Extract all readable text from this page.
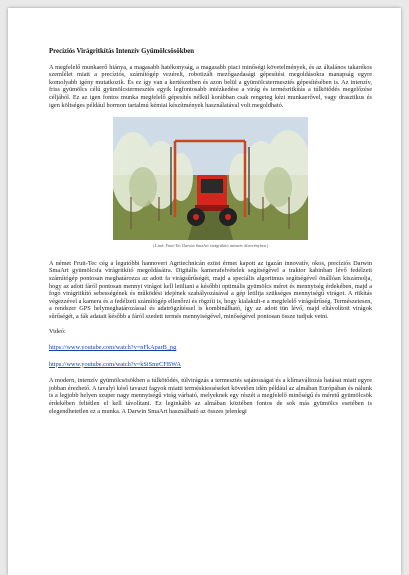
Precíziós Virágritkítás Intenzív Gyümölcsösökben

A megfelelő munkaerő hiánya, a magasabb hatékonyság, a magasabb piaci minőségi követelmények, és az általános takarékos szemlélet miatt a precíziós, számítógép vezérelt, robotizált mezőgazdasági gépesítési megoldásokra manapság egyre komolyabb igény mutatkozik. És ez így van a kertészetben és azon belül a gyümölcstermesztés gépesítésében is. Az intenzív, friss gyümölcs célú gyümölcstermesztés egyik legfontosabb intézkedése a virág és termésritkítás a túlkötődés megelőzése céljából. Ez az igen fontos munka megfelelő gépesítés nélkül korábban csak rengeteg kézi munkaerővel, vagy drasztikus és igen költséges például hormon tartalmú kémiai készítmények használatával volt megoldható.

( Lásd: Fruit-Tec Darwin SmaArt virágritkító intenzív ültetvényben )

A német Fruit-Tec cég a legutóbbi hannoveri Agritechnicán ezüst érmet kapott az igazán innovatív, okos, precíziós Darwin SmaArt gyümölcsfa virágritkító megoldásáira. Digitális kamerafelvételek segítségével a traktor kabinban lévő fedélzeti számítógép pontosan meghatározza az adott fa virágsűrűségét, majd a speciális algoritmus segítségével önállóan kiszámolja, hogy az adott fáról pontosan mennyi virágot kell letiltani a későbbi optimális gyümölcs méret és mennyiség érdekében, majd a fogó virágritkító sebességének és működési idejének szabályozásával a gép letiltja szükséges mennyiségű virágot. A ritkítás végezzével a kamera és a fedélzeti számítógép ellenőrzi és rögzíti is, hogy kialakult-e a megfelelő virágsűrűség. Természetesen, a rendszer GPS helymeghatározással és adatrögzítéssel is kombinálható, így az adott tün lévő, majd eltávolított virágok sűrűségét, a fák adatait később a fáról szedett termés mennyiségével, minőségével pontosan össze tudjuk vetni.

Videó:
https://www.youtube.com/watch?v=nFkAparB_pg
https://www.youtube.com/watch?v=kSiSmrCFBWA

A modern, intenzív gyümölcsösökben a túlkötődés, túlvirágzás a termesztés sajátosságai és a klímaváltozás hatásai miatt egyre jobban érezhető. A tavalyi késő tavaszi fagyok miatti terméskiesséseket követően idén például az almában Európában és nálunk is a legjobb helyen szuper nagy mennyiségű virág várható, melyeknek egy részét a megfelelő minőségű és méretű gyümölcsök érdekében feltétlen el kell távolítani. Ez leginkább az almában köztében fontos de sok más gyümölcs esetében is elegendhetetlen ez a munka. A Darwin SmaArt használható az összes jelenlegi
